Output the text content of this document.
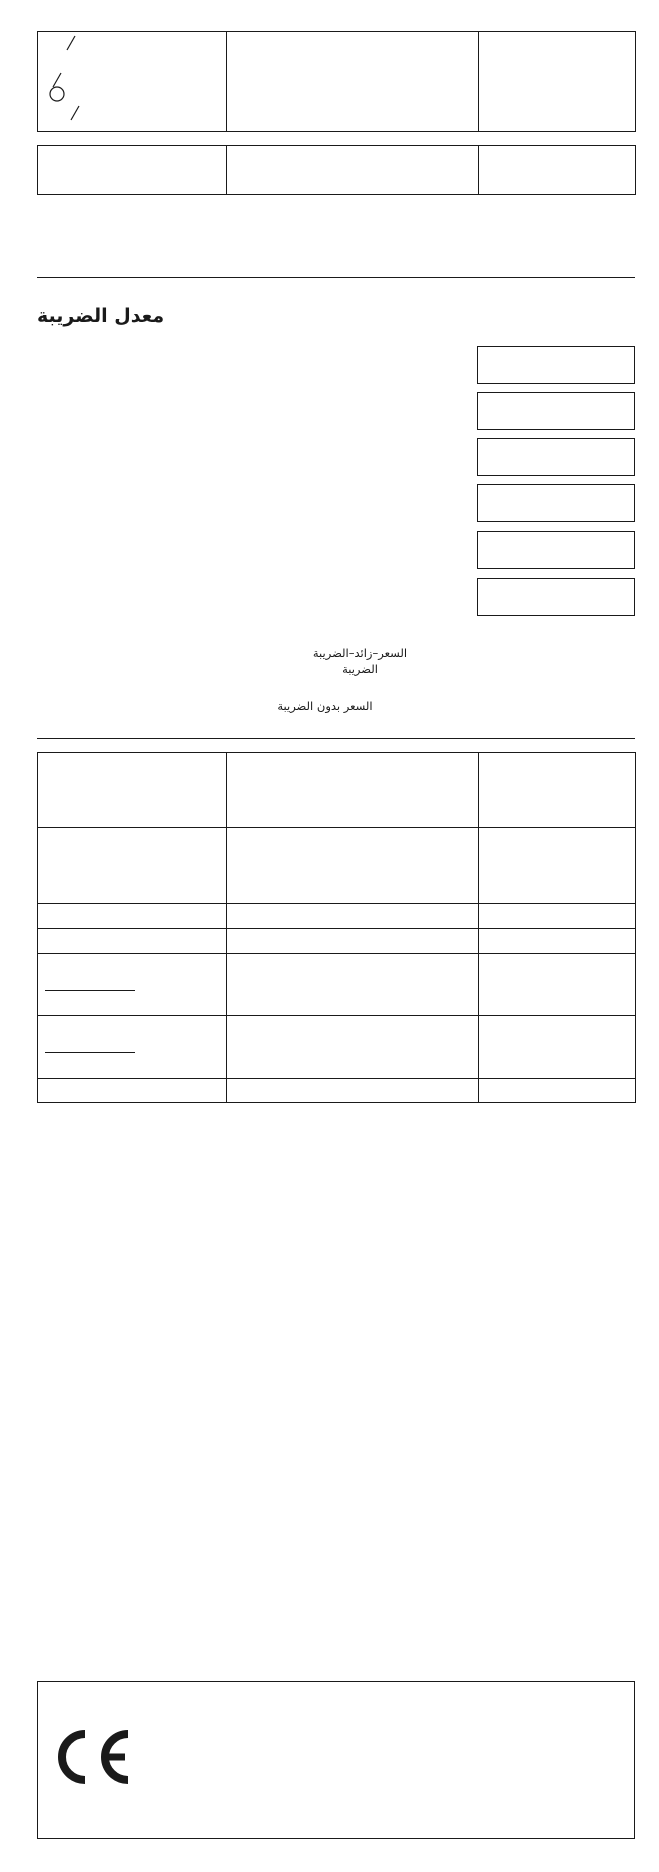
معدل الضريبة
السعر–زائد–الضريبة
الضريبة
السعر بدون الضريبة
